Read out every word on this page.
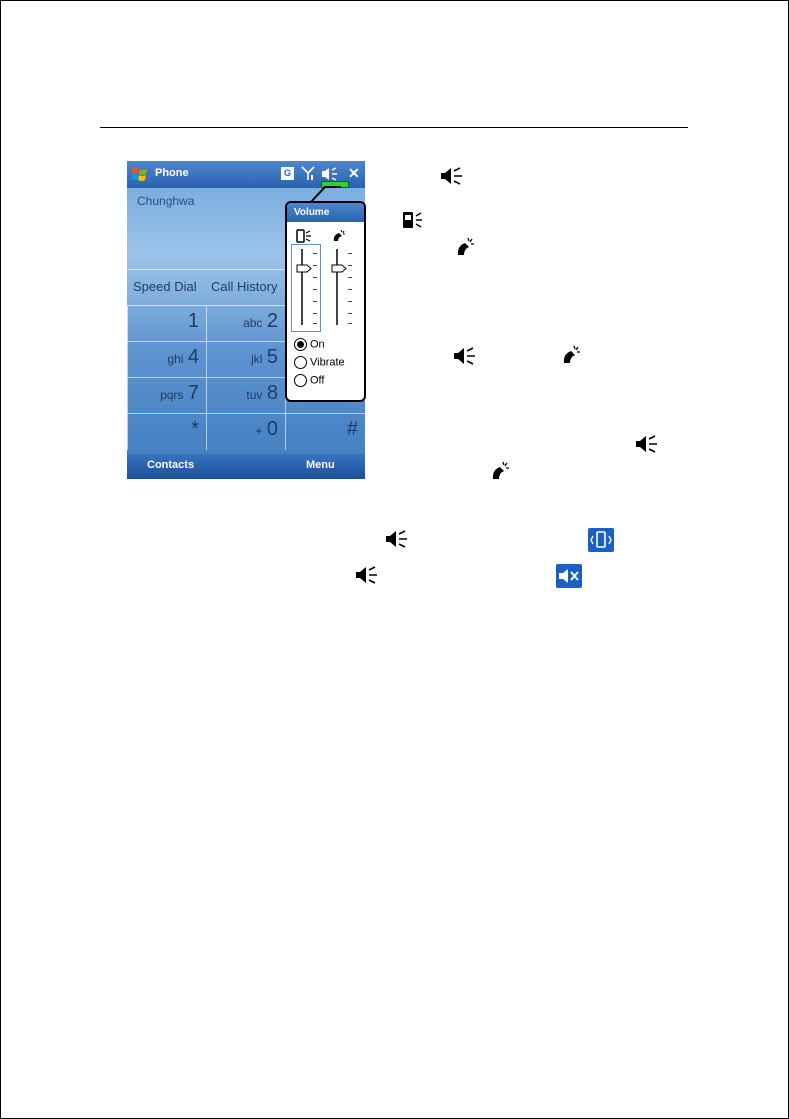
Phone	G	✕
Chunghwa
Speed Dial Call History
1	abc 2
ghi 4	jkl 5
pqrs 7	tuv 8
*	+ 0	#
Contacts	Menu
Volume
On
Vibrate
Off
